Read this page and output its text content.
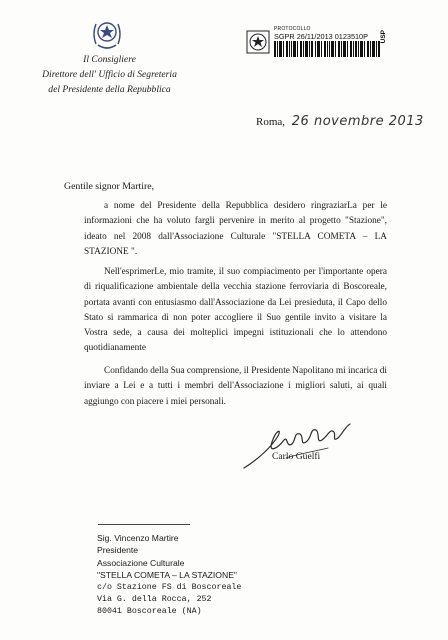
Il Consigliere
Direttore dell' Ufficio di Segreteria
del Presidente della Repubblica
PROTOCOLLO
SGPR 26/11/2013 0123510P USP
Roma, 26 novembre 2013
Gentile signor Martire,

a nome del Presidente della Repubblica desidero ringraziarLa per le informazioni che ha voluto fargli pervenire in merito al progetto "Stazione", ideato nel 2008 dall'Associazione Culturale "STELLA COMETA – LA STAZIONE ".

Nell'esprimerLe, mio tramite, il suo compiacimento per l'importante opera di riqualificazione ambientale della vecchia stazione ferroviaria di Boscoreale, portata avanti con entusiasmo dall'Associazione da Lei presieduta, il Capo dello Stato si rammarica di non poter accogliere il Suo gentile invito a visitare la Vostra sede, a causa dei molteplici impegni istituzionali che lo attendono quotidianamente

Confidando della Sua comprensione, il Presidente Napolitano mi incarica di inviare a Lei e a tutti i membri dell'Associazione i migliori saluti, ai quali aggiungo con piacere i miei personali.

Carlo Guelfi
Sig. Vincenzo Martire
Presidente
Associazione Culturale
"STELLA COMETA – LA STAZIONE"
c/o Stazione FS di Boscoreale
Via G. della Rocca, 252
80041 Boscoreale (NA)
